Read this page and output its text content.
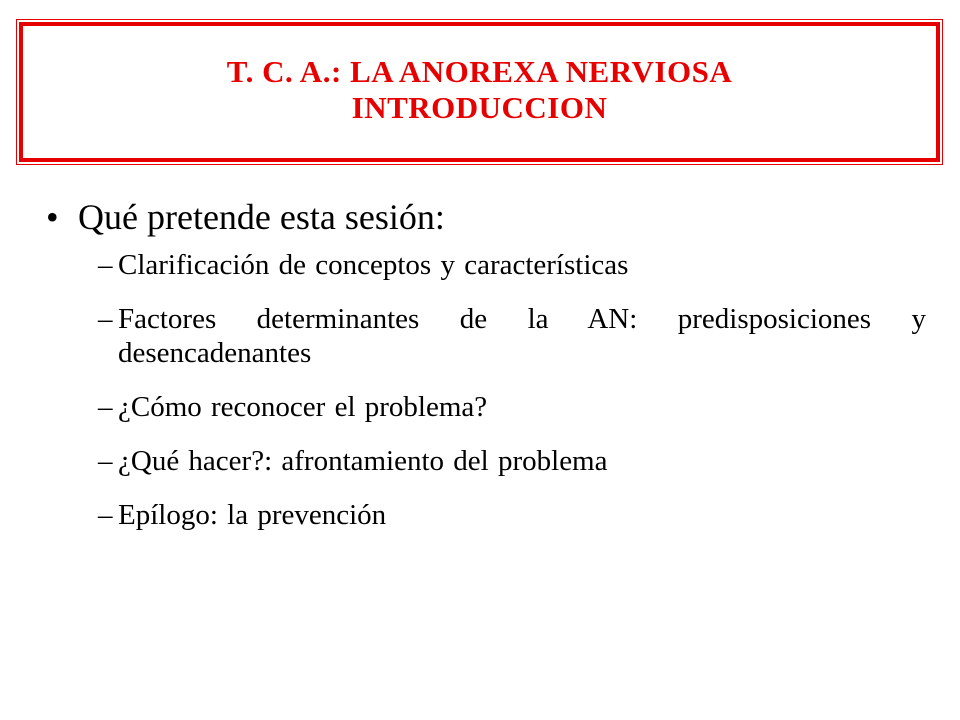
T. C. A.: LA ANOREXA NERVIOSA
INTRODUCCION
• Qué pretende esta sesión:
– Clarificación de conceptos y características
– Factores determinantes de la AN: predisposiciones y desencadenantes
– ¿Cómo reconocer el problema?
– ¿Qué hacer?: afrontamiento del problema
– Epílogo: la prevención
